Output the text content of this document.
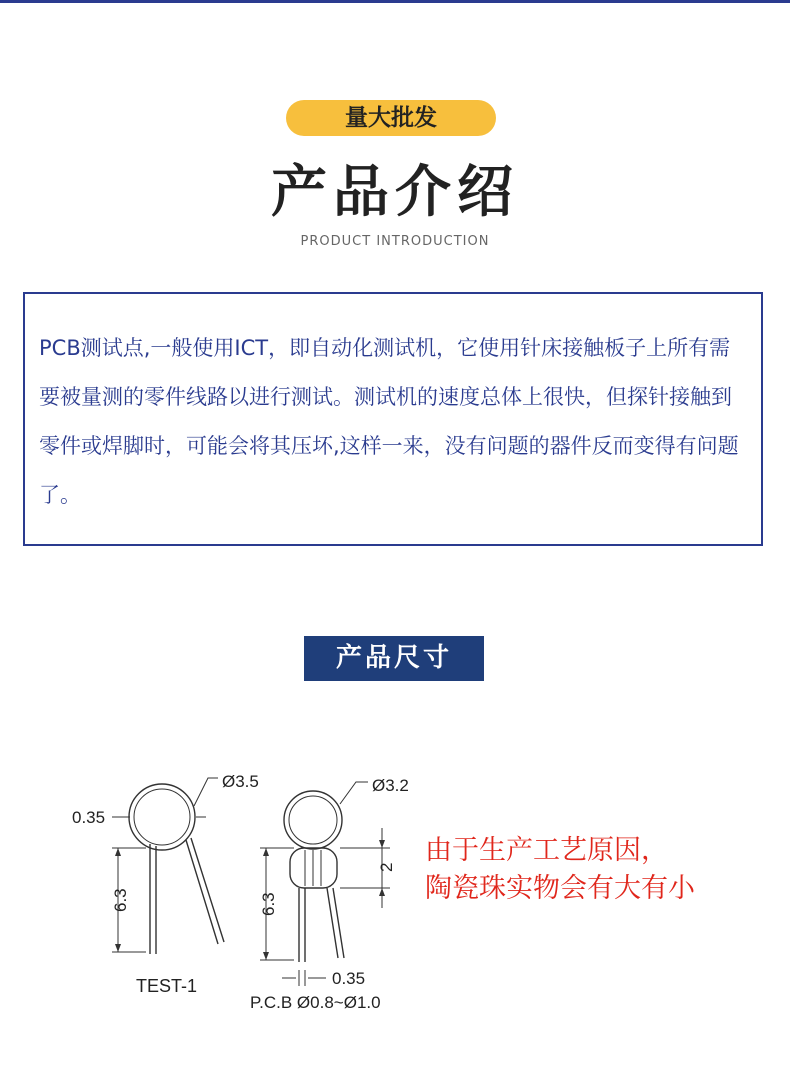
量大批发
产品介绍
PRODUCT INTRODUCTION
PCB测试点,一般使用ICT，即自动化测试机，它使用针床接触板子上所有需要被量测的零件线路以进行测试。测试机的速度总体上很快，但探针接触到零件或焊脚时，可能会将其压坏,这样一来，没有问题的器件反而变得有问题了。
产品尺寸
Ø3.5
0.35
6.3
TEST-1
Ø3.2
2
6.3
0.35
P.C.B Ø0.8~Ø1.0
由于生产工艺原因，
陶瓷珠实物会有大有小
